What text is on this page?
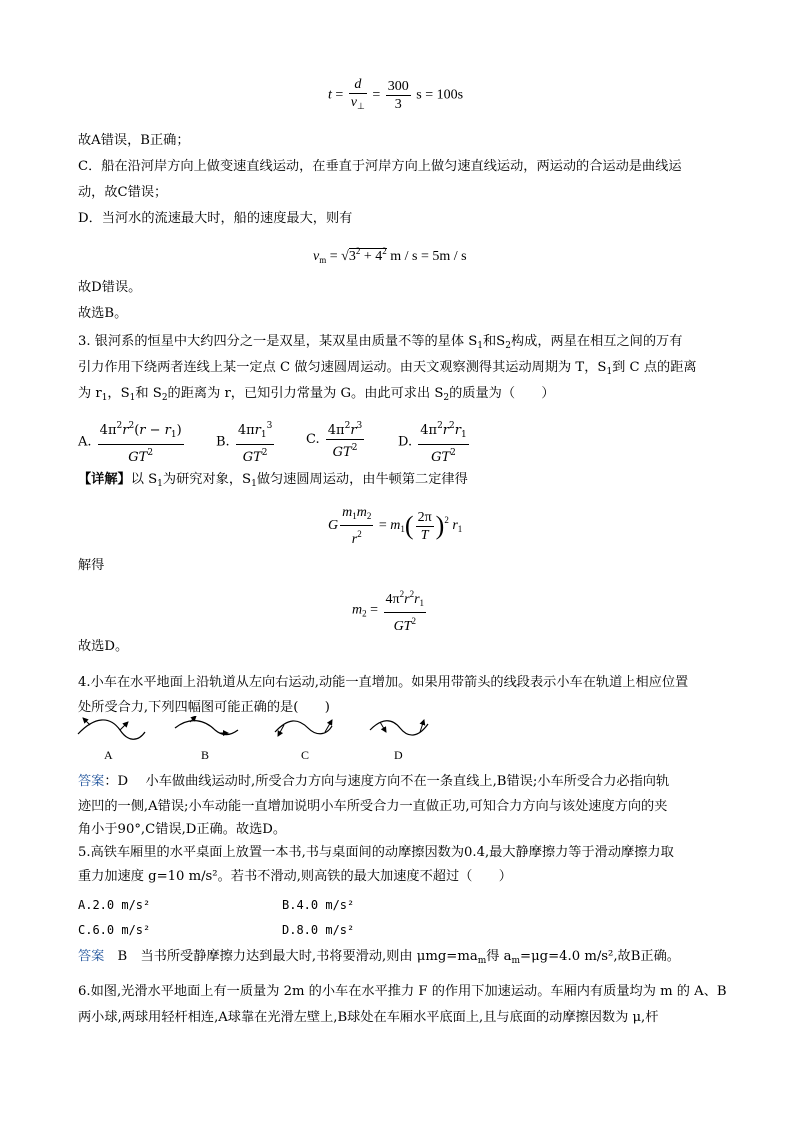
$t = \frac{d}{v_\perp} = \frac{300}{3}$ s = 100s
故A错误，B正确；
C．船在沿河岸方向上做变速直线运动，在垂直于河岸方向上做匀速直线运动，两运动的合运动是曲线运
动，故C错误；
D．当河水的流速最大时，船的速度最大，则有
$v_m = √3^2 + 4^2$ m / s = 5m / s
故D错误。
故选B。
3. 银河系的恒星中大约四分之一是双星，某双星由质量不等的星体 $S_1$和$S_2$构成，两星在相互之间的万有
引力作用下绕两者连线上某一定点 C 做匀速圆周运动。由天文观察测得其运动周期为 T，$S_1$到 C 点的距离
为 $r_1$，$S_1$和 $S_2$的距离为 r，已知引力常量为 G。由此可求出 $S_2$的质量为（　　）
A. $\frac{4\pi^2r^2(r - r_1)}{GT^2} B$. $\frac{4\pi r_1^3}{GT^2} C$. $\frac{4\pi^2r^3}{GT^2}$	D. $\frac{4\pi^2r^2r_1}{GT^2}$
【详解】以 $S_1$为研究对象，$S_1$做匀速圆周运动，由牛顿第二定律得
G $\frac{m_1m_2}{r^2} = m_1( \frac{2\pi}{T} )^2$ $r_1$
解得
$m_2 = \frac{4\pi^2r^2r_1}{GT^2}$
故选D。
4.小车在水平地面上沿轨道从左向右运动,动能一直增加。如果用带箭头的线段表示小车在轨道上相应位置
处所受合力,下列四幅图可能正确的是(　　)
A	B	C	D
答案：D　 小车做曲线运动时,所受合力方向与速度方向不在一条直线上,B错误;小车所受合力必指向轨
迹凹的一侧,A错误;小车动能一直增加说明小车所受合力一直做正功,可知合力方向与该处速度方向的夹
角小于90°,C错误,D正确。故选D。
5.高铁车厢里的水平桌面上放置一本书,书与桌面间的动摩擦因数为0.4,最大静摩擦力等于滑动摩擦力取
重力加速度 g=10 m/s²。若书不滑动,则高铁的最大加速度不超过（　　）
A.2.0 m/s²	B.4.0 m/s²
C.6.0 m/s²	D.8.0 m/s²
答案　B　当书所受静摩擦力达到最大时,书将要滑动,则由 $\mu mg=ma_m$得 $a_m=\mu g=4.0$ m/s²,故B正确。
6.如图,光滑水平地面上有一质量为 2m 的小车在水平推力 F 的作用下加速运动。车厢内有质量均为 m 的 A、B
两小球,两球用轻杆相连,A球靠在光滑左壁上,B球处在车厢水平底面上,且与底面的动摩擦因数为 μ,杆
